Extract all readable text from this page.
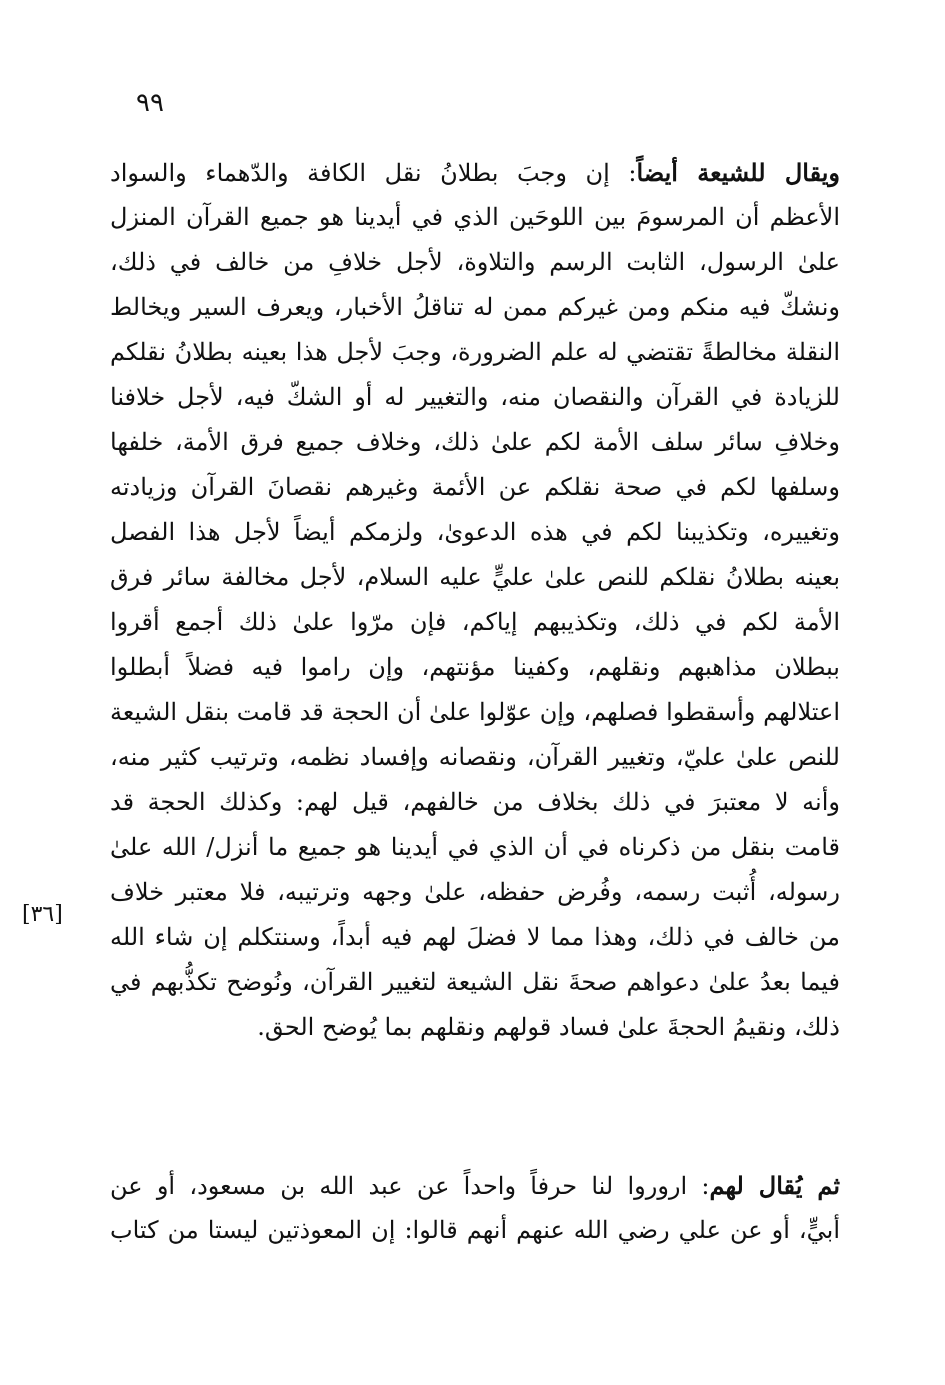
٩٩
ويقال للشيعة أيضاً: إن وجبَ بطلانُ نقل الكافة والدّهماء والسواد
الأعظم أن المرسومَ بين اللوحَين الذي في أيدينا هو جميع القرآن المنزل
علىٰ الرسول، الثابت الرسم والتلاوة، لأجل خلافِ من خالف في ذلك،
ونشكّ فيه منكم ومن غيركم ممن له تناقلُ الأخبار، ويعرف السير ويخالط
النقلة مخالطةً تقتضي له علم الضرورة، وجبَ لأجل هذا بعينه بطلانُ نقلكم
للزيادة في القرآن والنقصان منه، والتغيير له أو الشكّ فيه، لأجل خلافنا
وخلافِ سائر سلف الأمة لكم علىٰ ذلك، وخلاف جميع فرق الأمة، خلفها
وسلفها لكم في صحة نقلكم عن الأئمة وغيرهم نقصانَ القرآن وزيادته
وتغييره، وتكذيبنا لكم في هذه الدعوىٰ، ولزمكم أيضاً لأجل هذا الفصل
بعينه بطلانُ نقلكم للنص علىٰ عليٍّ عليه السلام، لأجل مخالفة سائر فرق
الأمة لكم في ذلك، وتكذيبهم إياكم، فإن مرّوا علىٰ ذلك أجمع أقروا
ببطلان مذاهبهم ونقلهم، وكفينا مؤنتهم، وإن راموا فيه فضلاً أبطلوا
اعتلالهم وأسقطوا فصلهم، وإن عوّلوا علىٰ أن الحجة قد قامت بنقل الشيعة
للنص علىٰ عليّ، وتغيير القرآن، ونقصانه وإفساد نظمه، وترتيب كثير منه،
وأنه لا معتبرَ في ذلك بخلاف من خالفهم، قيل لهم: وكذلك الحجة قد
قامت بنقل من ذكرناه في أن الذي في أيدينا هو جميع ما أنزل/ الله علىٰ
رسوله، أُثبت رسمه، وفُرض حفظه، علىٰ وجهه وترتيبه، فلا معتبر خلاف
من خالف في ذلك، وهذا مما لا فضلَ لهم فيه أبداً، وسنتكلم إن شاء الله
فيما بعدُ علىٰ دعواهم صحةَ نقل الشيعة لتغيير القرآن، ونُوضح تكذُّبهم في
ذلك، ونقيمُ الحجةَ علىٰ فساد قولهم ونقلهم بما يُوضح الحق.
[٣٦]
ثم يُقال لهم: اروروا لنا حرفاً واحداً عن عبد الله بن مسعود، أو عن
أبيٍّ، أو عن علي رضي الله عنهم أنهم قالوا: إن المعوذتين ليستا من كتاب
